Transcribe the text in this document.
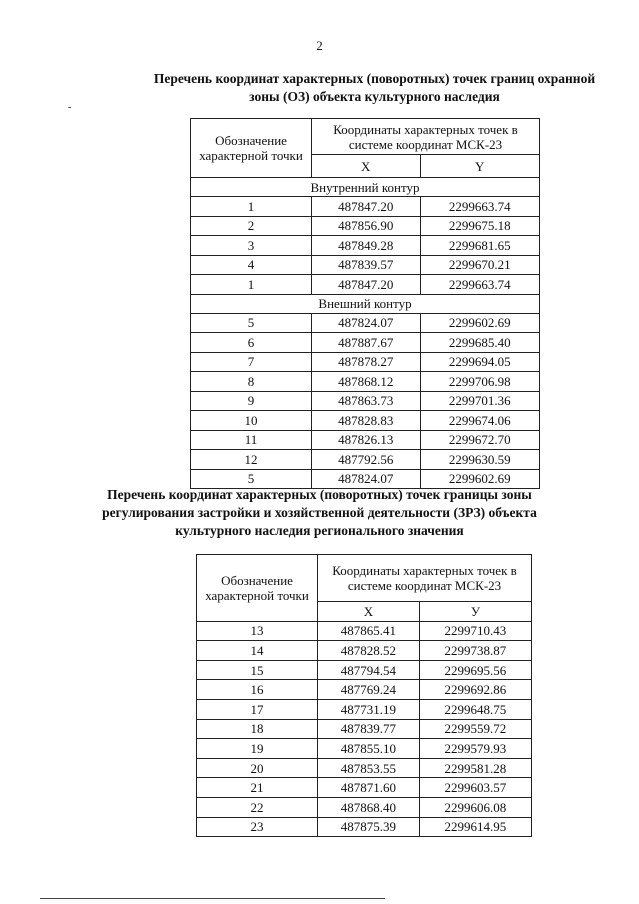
2
-
Перечень координат характерных (поворотных) точек границ охранной
зоны (ОЗ) объекта культурного наследия
Обозначение характерной точки	Координаты характерных точек в системе координат МСК-23	
	X	Y
Внутренний контур		
1	487847.20	2299663.74
2	487856.90	2299675.18
3	487849.28	2299681.65
4	487839.57	2299670.21
1	487847.20	2299663.74
Внешний контур		
5	487824.07	2299602.69
6	487887.67	2299685.40
7	487878.27	2299694.05
8	487868.12	2299706.98
9	487863.73	2299701.36
10	487828.83	2299674.06
11	487826.13	2299672.70
12	487792.56	2299630.59
5	487824.07	2299602.69
Перечень координат характерных (поворотных) точек границы зоны
регулирования застройки и хозяйственной деятельности (ЗРЗ) объекта
культурного наследия регионального значения
Обозначение характерной точки	Координаты характерных точек в системе координат МСК-23	
	X	У
13	487865.41	2299710.43
14	487828.52	2299738.87
15	487794.54	2299695.56
16	487769.24	2299692.86
17	487731.19	2299648.75
18	487839.77	2299559.72
19	487855.10	2299579.93
20	487853.55	2299581.28
21	487871.60	2299603.57
22	487868.40	2299606.08
23	487875.39	2299614.95
